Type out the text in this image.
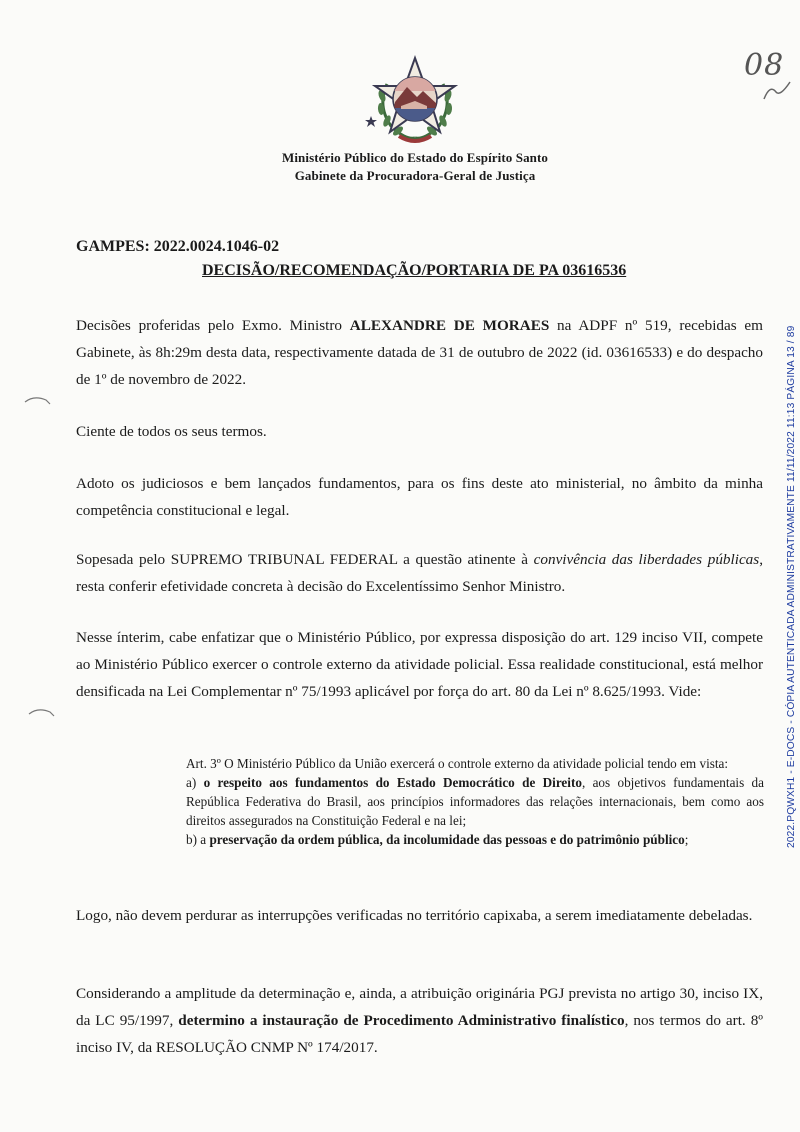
Ministério Público do Estado do Espírito Santo
Gabinete da Procuradora-Geral de Justiça
08
GAMPES: 2022.0024.1046-02
DECISÃO/RECOMENDAÇÃO/PORTARIA DE PA 03616536
Decisões proferidas pelo Exmo. Ministro ALEXANDRE DE MORAES na ADPF nº 519, recebidas em Gabinete, às 8h:29m desta data, respectivamente datada de 31 de outubro de 2022 (id. 03616533) e do despacho de 1º de novembro de 2022.
Ciente de todos os seus termos.
Adoto os judiciosos e bem lançados fundamentos, para os fins deste ato ministerial, no âmbito da minha competência constitucional e legal.
Sopesada pelo SUPREMO TRIBUNAL FEDERAL a questão atinente à convivência das liberdades públicas, resta conferir efetividade concreta à decisão do Excelentíssimo Senhor Ministro.
Nesse ínterim, cabe enfatizar que o Ministério Público, por expressa disposição do art. 129 inciso VII, compete ao Ministério Público exercer o controle externo da atividade policial. Essa realidade constitucional, está melhor densificada na Lei Complementar nº 75/1993 aplicável por força do art. 80 da Lei nº 8.625/1993. Vide:
Art. 3º O Ministério Público da União exercerá o controle externo da atividade policial tendo em vista:
a) o respeito aos fundamentos do Estado Democrático de Direito, aos objetivos fundamentais da República Federativa do Brasil, aos princípios informadores das relações internacionais, bem como aos direitos assegurados na Constituição Federal e na lei;
b) a preservação da ordem pública, da incolumidade das pessoas e do patrimônio público;
Logo, não devem perdurar as interrupções verificadas no território capixaba, a serem imediatamente debeladas.
Considerando a amplitude da determinação e, ainda, a atribuição originária PGJ prevista no artigo 30, inciso IX, da LC 95/1997, determino a instauração de Procedimento Administrativo finalístico, nos termos do art. 8º inciso IV, da RESOLUÇÃO CNMP Nº 174/2017.
2022.PQWXH1 - E-DOCS - CÓPIA AUTENTICADA ADMINISTRATIVAMENTE 11/11/2022 11:13 PÁGINA 13 / 89
